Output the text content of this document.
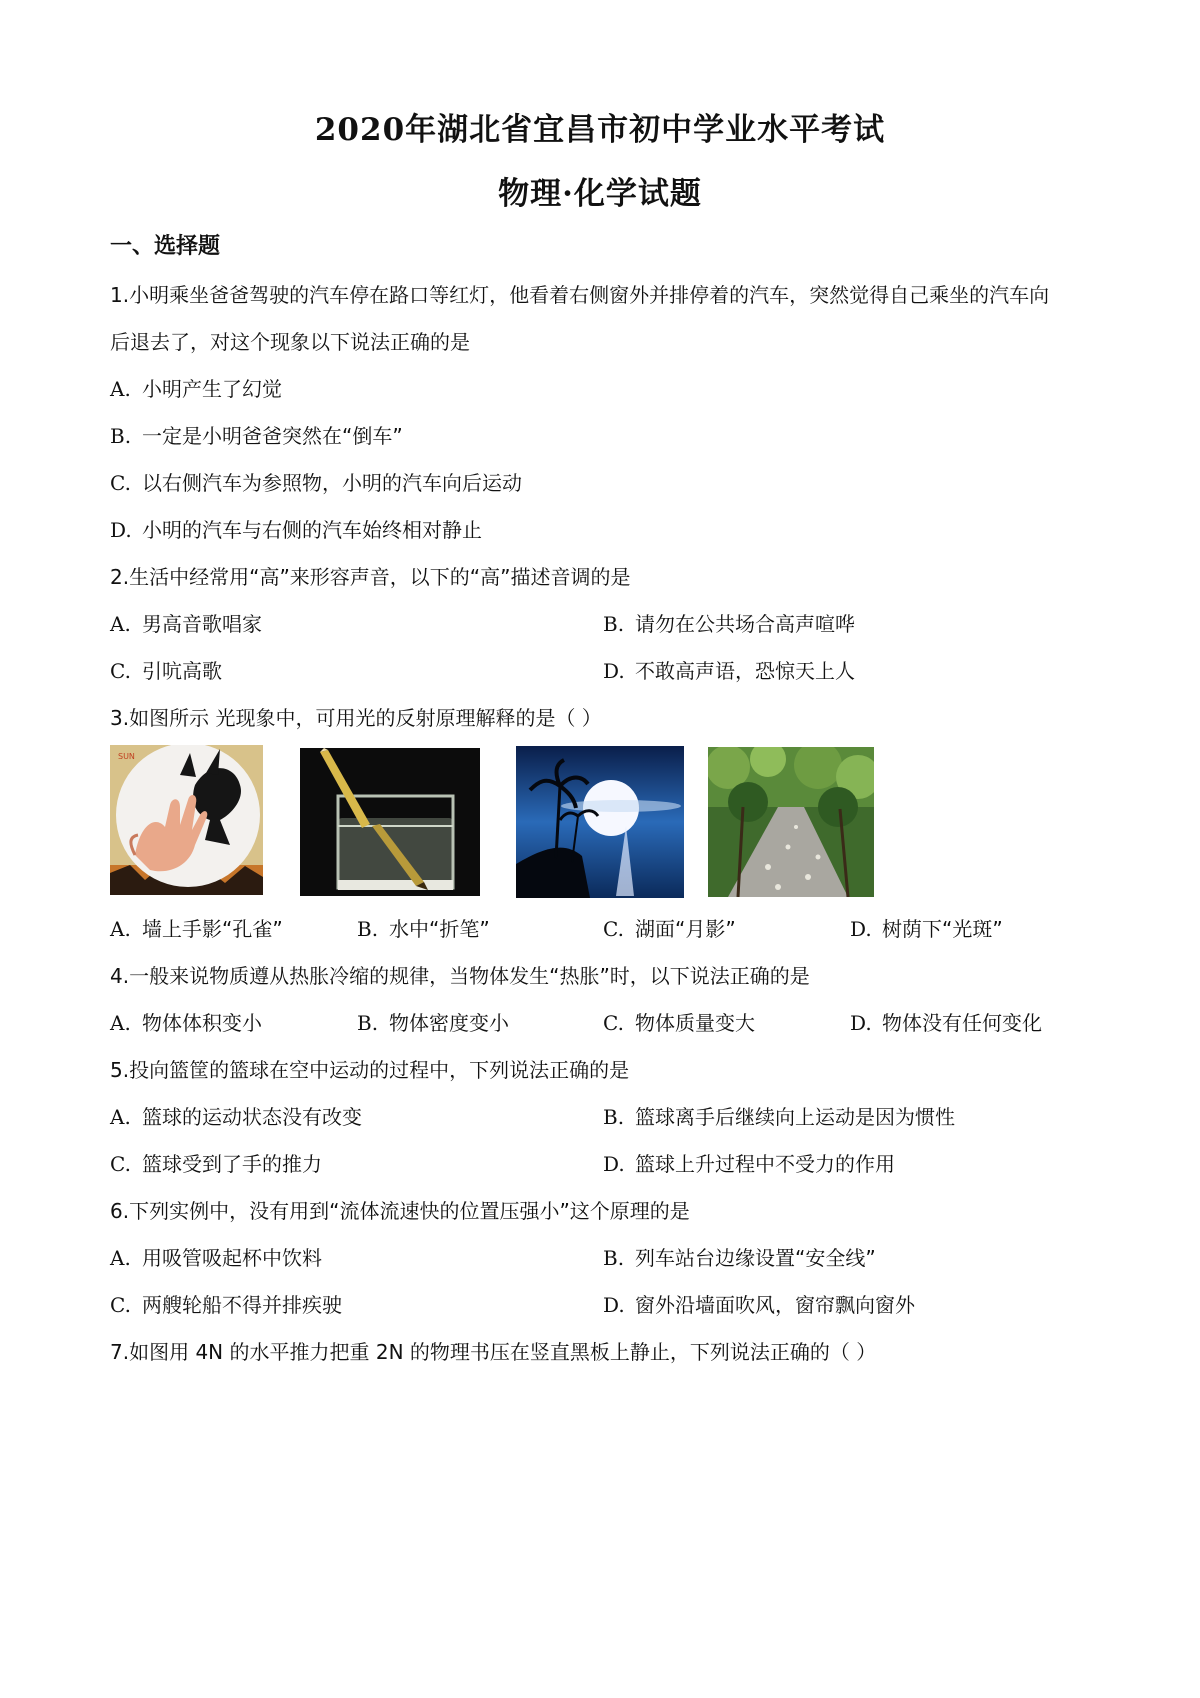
2020年湖北省宜昌市初中学业水平考试
物理·化学试题
一、选择题
1.小明乘坐爸爸驾驶的汽车停在路口等红灯，他看着右侧窗外并排停着的汽车，突然觉得自己乘坐的汽车向
后退去了，对这个现象以下说法正确的是
A. 小明产生了幻觉
B. 一定是小明爸爸突然在“倒车”
C. 以右侧汽车为参照物，小明的汽车向后运动
D. 小明的汽车与右侧的汽车始终相对静止
2.生活中经常用“高”来形容声音，以下的“高”描述音调的是
A. 男高音歌唱家	B. 请勿在公共场合高声喧哗
C. 引吭高歌	D. 不敢高声语，恐惊天上人
3.如图所示 光现象中，可用光的反射原理解释的是（ ）
SUN
A. 墙上手影“孔雀”	B. 水中“折笔”	C. 湖面“月影”	D. 树荫下“光斑”
4.一般来说物质遵从热胀冷缩的规律，当物体发生“热胀”时，以下说法正确的是
A. 物体体积变小	B. 物体密度变小	C. 物体质量变大	D. 物体没有任何变化
5.投向篮筐的篮球在空中运动的过程中，下列说法正确的是
A. 篮球的运动状态没有改变	B. 篮球离手后继续向上运动是因为惯性
C. 篮球受到了手的推力	D. 篮球上升过程中不受力的作用
6.下列实例中，没有用到“流体流速快的位置压强小”这个原理的是
A. 用吸管吸起杯中饮料	B. 列车站台边缘设置“安全线”
C. 两艘轮船不得并排疾驶	D. 窗外沿墙面吹风，窗帘飘向窗外
7.如图用 4N 的水平推力把重 2N 的物理书压在竖直黑板上静止，下列说法正确的（ ）
